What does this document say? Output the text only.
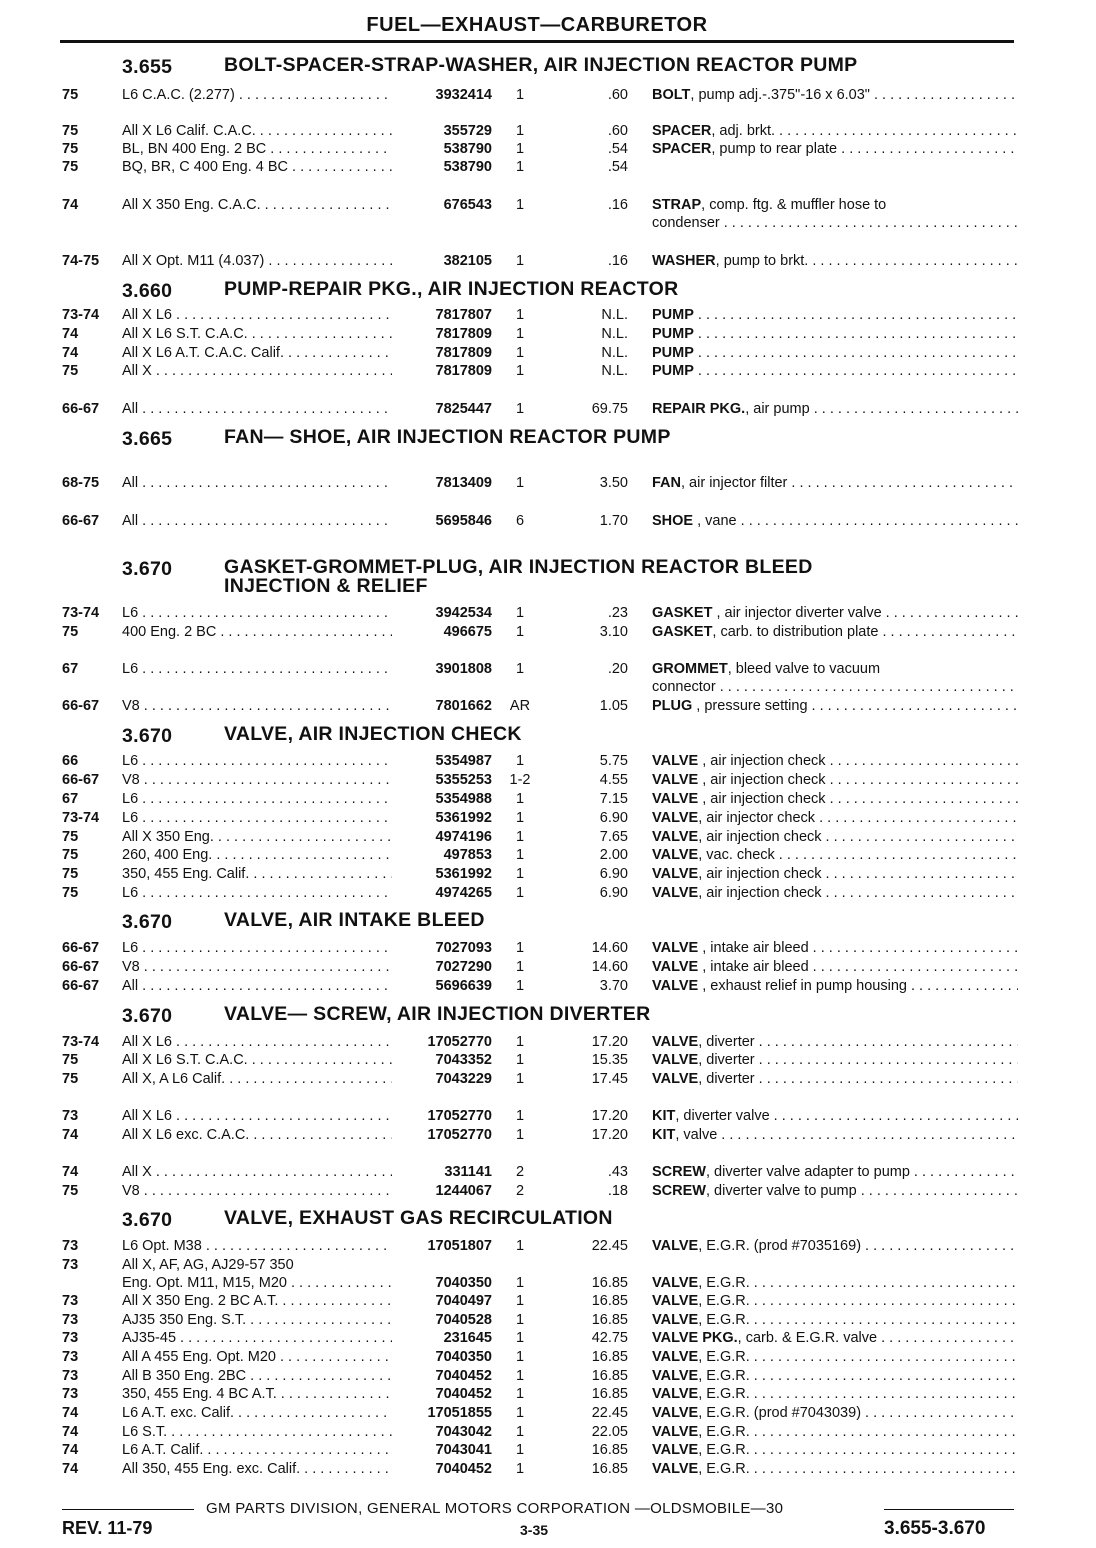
FUEL—EXHAUST—CARBURETOR
3.655	BOLT-SPACER-STRAP-WASHER, AIR INJECTION REACTOR PUMP
75	L6 C.A.C. (2.277) . . .	3932414	1	.60 BOLT, pump adj.-.375"-16 x 6.03" . . .
75	All X L6 Calif. C.A.C. . . .	355729	1	.60 SPACER, adj. brkt. . . .
75	BL, BN 400 Eng. 2 BC . . .	538790	1	.54 SPACER, pump to rear plate . . .
75	BQ, BR, C 400 Eng. 4 BC . . .	538790	1	.54
74	All X 350 Eng. C.A.C. . . .	676543	1	.16 STRAP, comp. ftg. & muffler hose to
condenser . . .
74-75	All X Opt. M11 (4.037) . . .	382105	1	.16 WASHER, pump to brkt. . . .
3.660	PUMP-REPAIR PKG., AIR INJECTION REACTOR
73-74	All X L6 . . .	7817807	1	N.L. PUMP . . .
74	All X L6 S.T. C.A.C. . . .	7817809	1	N.L. PUMP . . .
74	All X L6 A.T. C.A.C. Calif. . . .	7817809	1	N.L. PUMP . . .
75	All X . . .	7817809	1	N.L. PUMP . . .
66-67	All . . .	7825447	1	69.75 REPAIR PKG., air pump . . .
3.665	FAN— SHOE, AIR INJECTION REACTOR PUMP
68-75	All . . .	7813409	1	3.50 FAN, air injector filter . . .
66-67	All . . .	5695846	6	1.70 SHOE , vane . . .
3.670	GASKET-GROMMET-PLUG, AIR INJECTION REACTOR BLEED
INJECTION & RELIEF
73-74	L6 . . .	3942534	1	.23 GASKET , air injector diverter valve . . .
75	400 Eng. 2 BC . . .	496675	1	3.10 GASKET, carb. to distribution plate . . .
67	L6 . . .	3901808	1	.20 GROMMET, bleed valve to vacuum
connector . . .
66-67	V8 . . .	7801662	AR	1.05 PLUG , pressure setting . . .
3.670	VALVE, AIR INJECTION CHECK
66	L6 . . .	5354987	1	5.75 VALVE , air injection check . . .
66-67	V8 . . .	5355253	1-2	4.55 VALVE , air injection check . . .
67	L6 . . .	5354988	1	7.15 VALVE , air injection check . . .
73-74	L6 . . .	5361992	1	6.90 VALVE, air injector check . . .
75	All X 350 Eng. . . .	4974196	1	7.65 VALVE, air injection check . . .
75	260, 400 Eng. . . .	497853	1	2.00 VALVE, vac. check . . .
75	350, 455 Eng. Calif. . . .	5361992	1	6.90 VALVE, air injection check . . .
75	L6 . . .	4974265	1	6.90 VALVE, air injection check . . .
3.670	VALVE, AIR INTAKE BLEED
66-67	L6 . . .	7027093	1	14.60 VALVE , intake air bleed . . .
66-67	V8 . . .	7027290	1	14.60 VALVE , intake air bleed . . .
66-67	All . . .	5696639	1	3.70 VALVE , exhaust relief in pump housing . . .
3.670	VALVE— SCREW, AIR INJECTION DIVERTER
73-74	All X L6 . . .	17052770	1	17.20 VALVE, diverter . . .
75	All X L6 S.T. C.A.C. . . .	7043352	1	15.35 VALVE, diverter . . .
75	All X, A L6 Calif. . . .	7043229	1	17.45 VALVE, diverter . . .
73	All X L6 . . .	17052770	1	17.20 KIT, diverter valve . . .
74	All X L6 exc. C.A.C. . . .	17052770	1	17.20 KIT, valve . . .
74	All X . . .	331141	2	.43 SCREW, diverter valve adapter to pump . . .
75	V8 . . .	1244067	2	.18 SCREW, diverter valve to pump . . .
3.670	VALVE, EXHAUST GAS RECIRCULATION
73	L6 Opt. M38 . . .	17051807	1	22.45 VALVE, E.G.R. (prod #7035169) . . .
73	All X, AF, AG, AJ29-57 350
Eng. Opt. M11, M15, M20 . . .	7040350	1	16.85 VALVE, E.G.R. . . .
73	All X 350 Eng. 2 BC A.T. . . .	7040497	1	16.85 VALVE, E.G.R. . . .
73	AJ35 350 Eng. S.T. . . .	7040528	1	16.85 VALVE, E.G.R. . . .
73	AJ35-45 . . .	231645	1	42.75 VALVE PKG., carb. & E.G.R. valve . . .
73	All A 455 Eng. Opt. M20 . . .	7040350	1	16.85 VALVE, E.G.R. . . .
73	All B 350 Eng. 2BC . . .	7040452	1	16.85 VALVE, E.G.R. . . .
73	350, 455 Eng. 4 BC A.T. . . .	7040452	1	16.85 VALVE, E.G.R. . . .
74	L6 A.T. exc. Calif. . . .	17051855	1	22.45 VALVE, E.G.R. (prod #7043039) . . .
74	L6 S.T. . . .	7043042	1	22.05 VALVE, E.G.R. . . .
74	L6 A.T. Calif. . . .	7043041	1	16.85 VALVE, E.G.R. . . .
74	All 350, 455 Eng. exc. Calif. . . .	7040452	1	16.85 VALVE, E.G.R. . . .
GM PARTS DIVISION, GENERAL MOTORS CORPORATION —OLDSMOBILE—30
REV. 11-79	3-35	3.655-3.670
